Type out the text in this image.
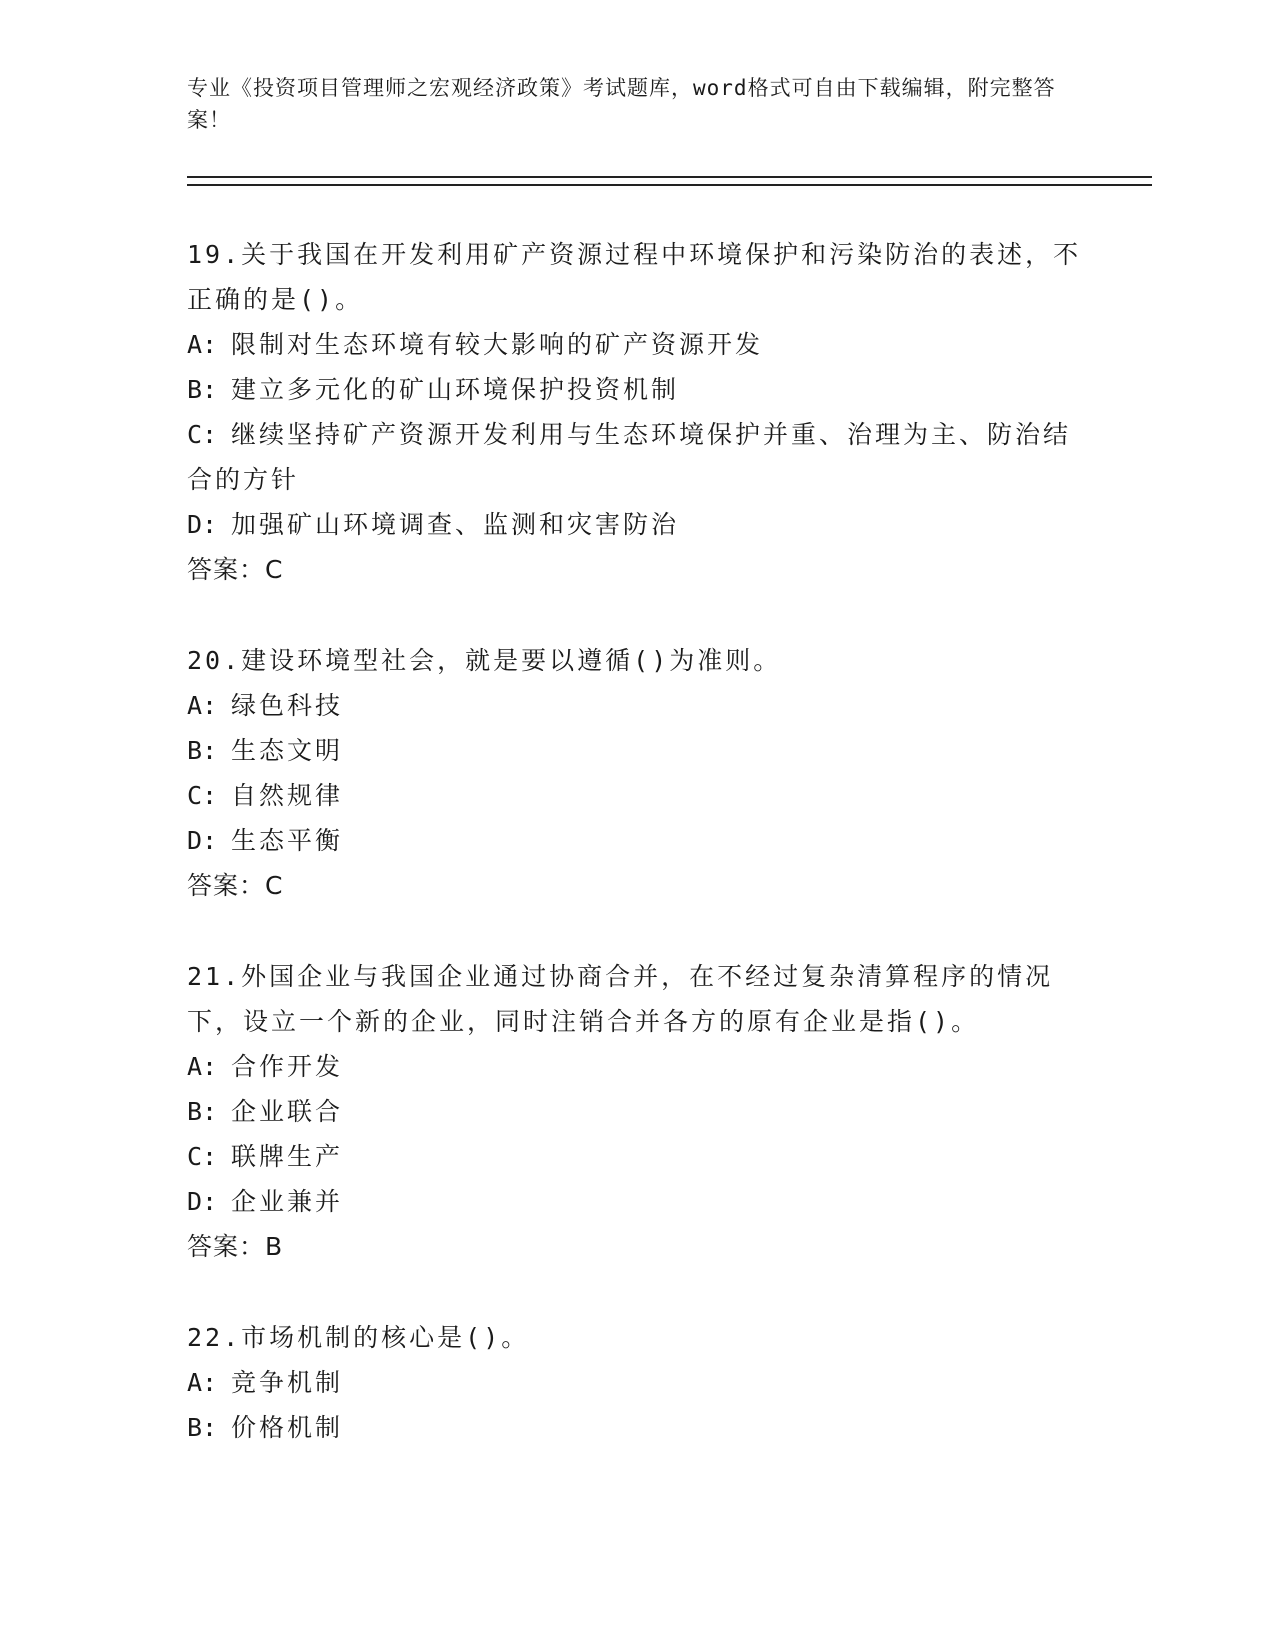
专业《投资项目管理师之宏观经济政策》考试题库，word格式可自由下载编辑，附完整答案！
19.关于我国在开发利用矿产资源过程中环境保护和污染防治的表述，不正确的是()。
A: 限制对生态环境有较大影响的矿产资源开发
B: 建立多元化的矿山环境保护投资机制
C: 继续坚持矿产资源开发利用与生态环境保护并重、治理为主、防治结合的方针
D: 加强矿山环境调查、监测和灾害防治
答案：C
20.建设环境型社会，就是要以遵循()为准则。
A: 绿色科技
B: 生态文明
C: 自然规律
D: 生态平衡
答案：C
21.外国企业与我国企业通过协商合并，在不经过复杂清算程序的情况下，设立一个新的企业，同时注销合并各方的原有企业是指()。
A: 合作开发
B: 企业联合
C: 联牌生产
D: 企业兼并
答案：B
22.市场机制的核心是()。
A: 竞争机制
B: 价格机制
